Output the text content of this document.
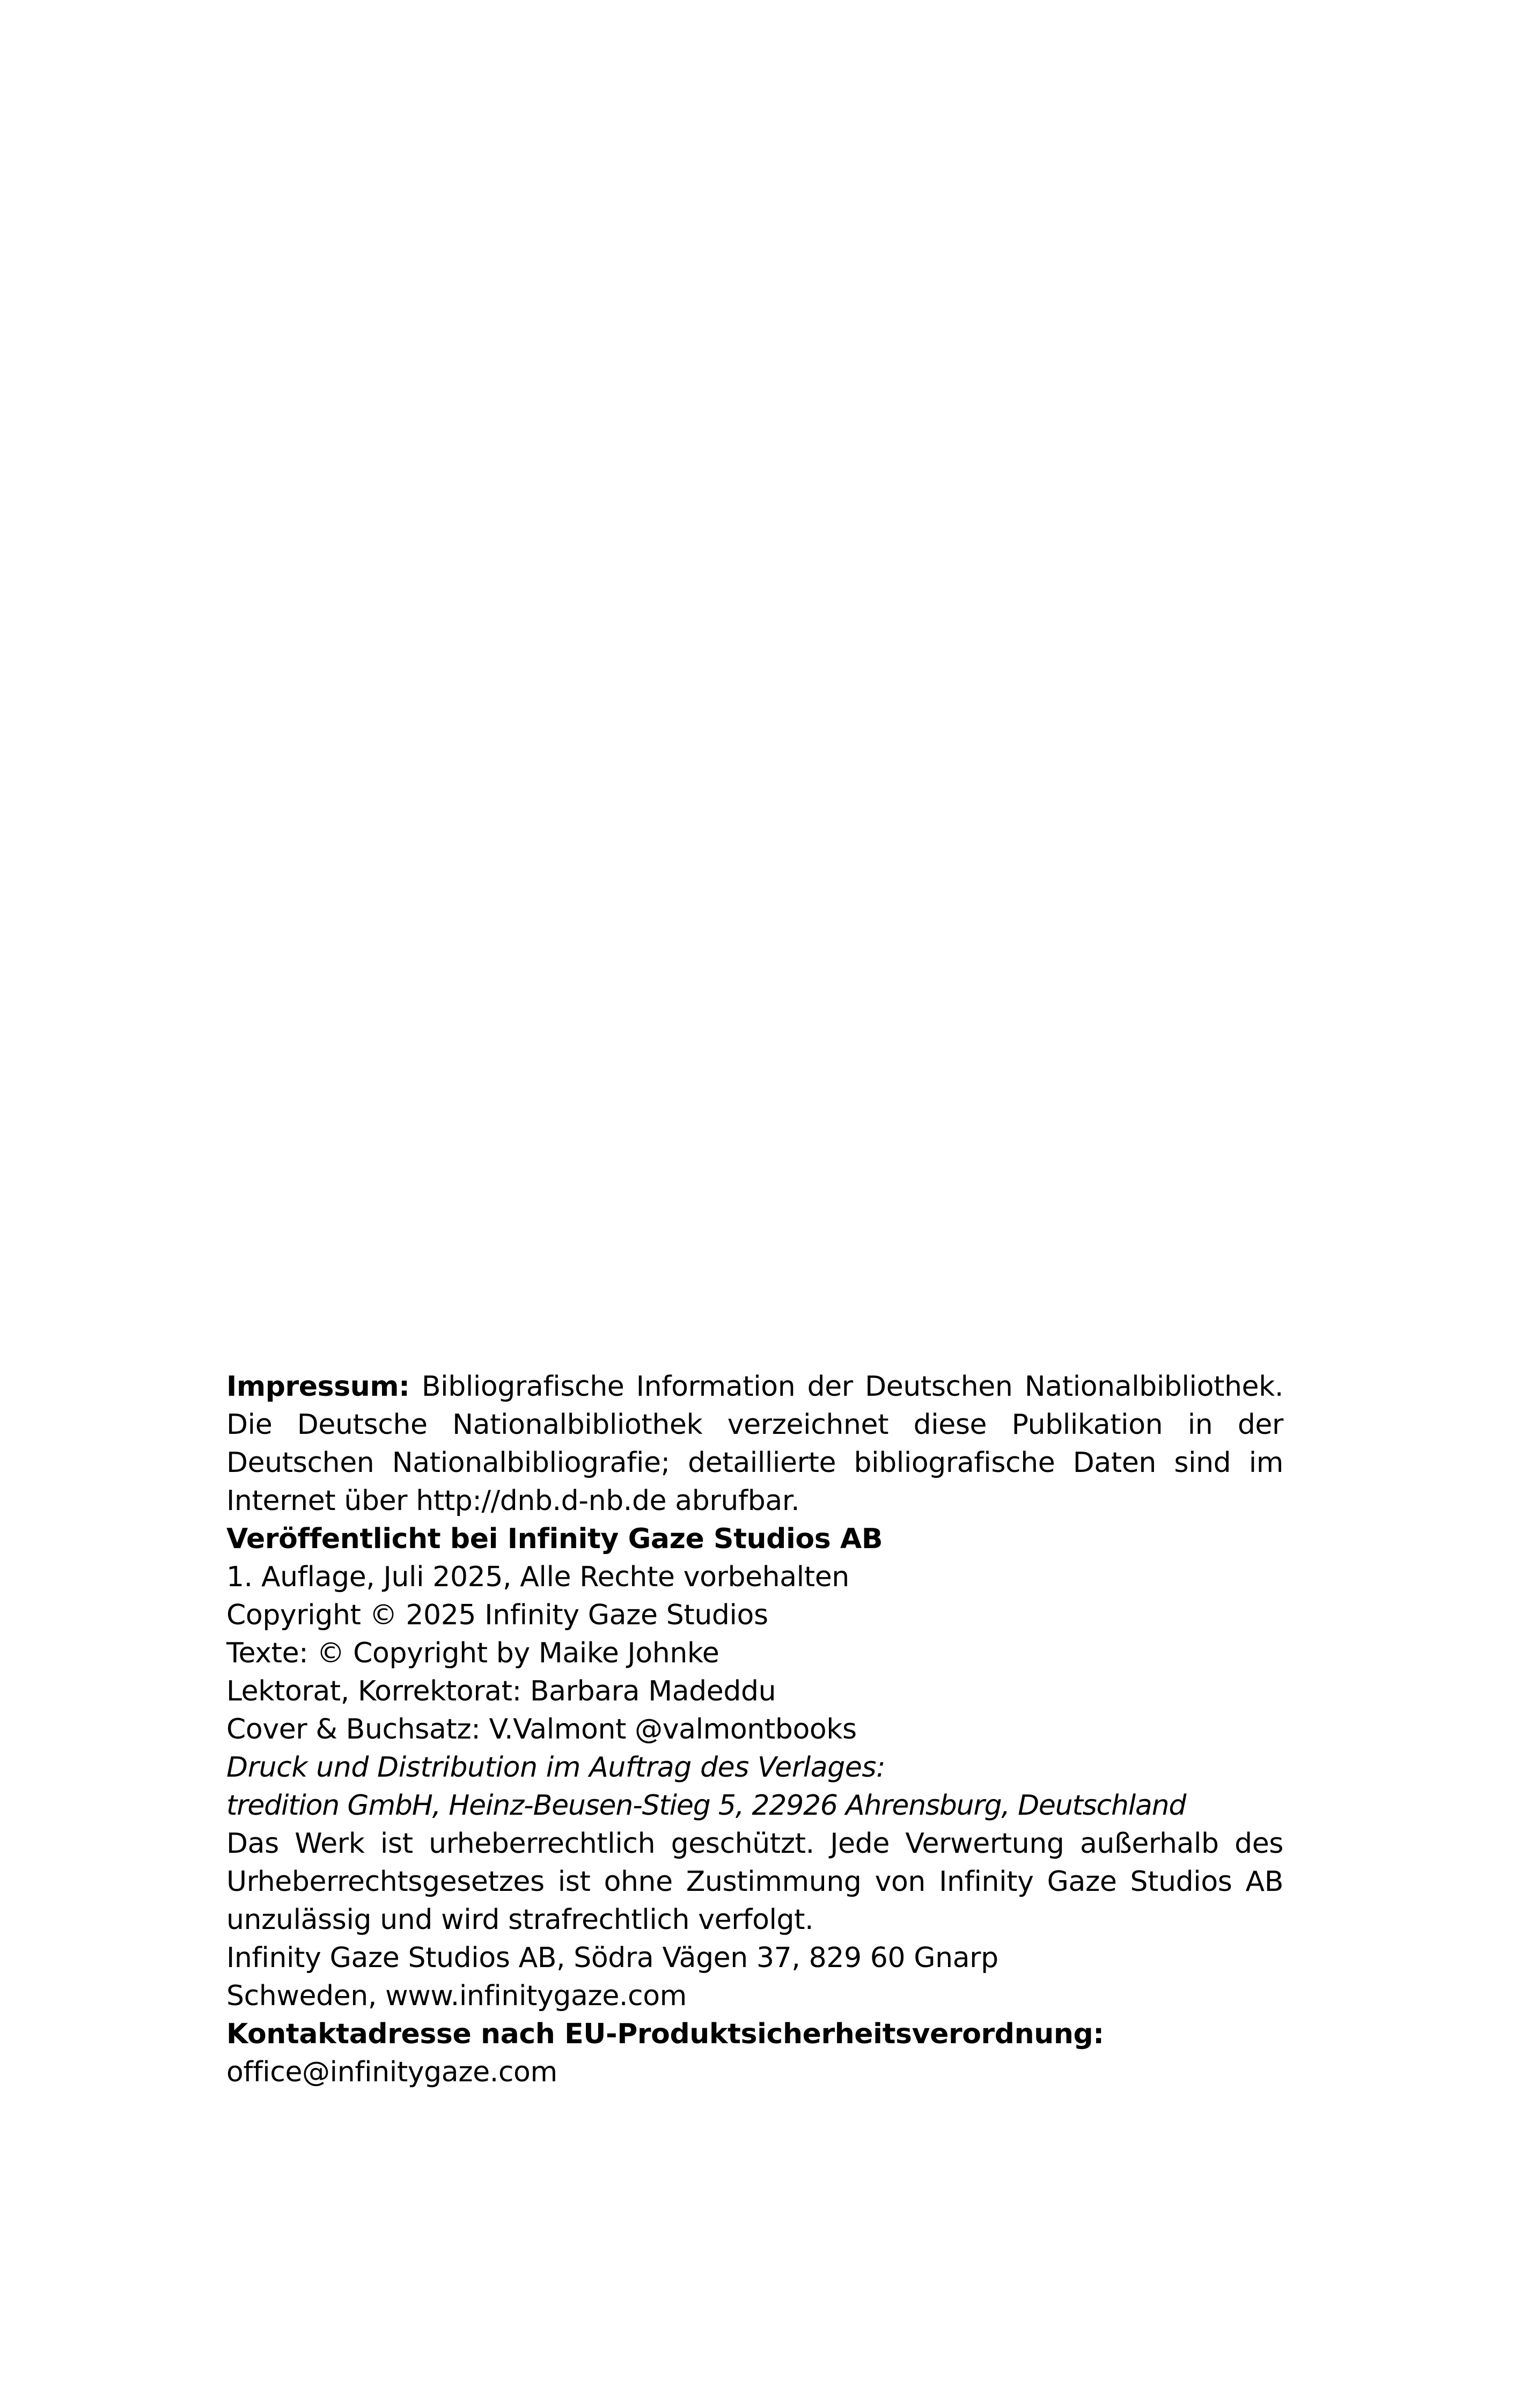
Impressum: Bibliografische Information der Deutschen Nationalbibliothek. Die Deutsche Nationalbibliothek verzeichnet diese Publikation in der Deutschen Nationalbibliografie; detaillierte bibliografische Daten sind im Internet über http://dnb.d-nb.de abrufbar.

Veröffentlicht bei Infinity Gaze Studios AB

1. Auflage, Juli 2025, Alle Rechte vorbehalten

Copyright © 2025 Infinity Gaze Studios

Texte: © Copyright by Maike Johnke

Lektorat, Korrektorat: Barbara Madeddu

Cover & Buchsatz: V.Valmont @valmontbooks

Druck und Distribution im Auftrag des Verlages:

tredition GmbH, Heinz-Beusen-Stieg 5, 22926 Ahrensburg, Deutschland

Das Werk ist urheberrechtlich geschützt. Jede Verwertung außerhalb des Urheberrechtsgesetzes ist ohne Zustimmung von Infinity Gaze Studios AB unzulässig und wird strafrechtlich verfolgt.

Infinity Gaze Studios AB, Södra Vägen 37, 829 60 Gnarp

Schweden, www.infinitygaze.com

Kontaktadresse nach EU-Produktsicherheitsverordnung:

office@infinitygaze.com
